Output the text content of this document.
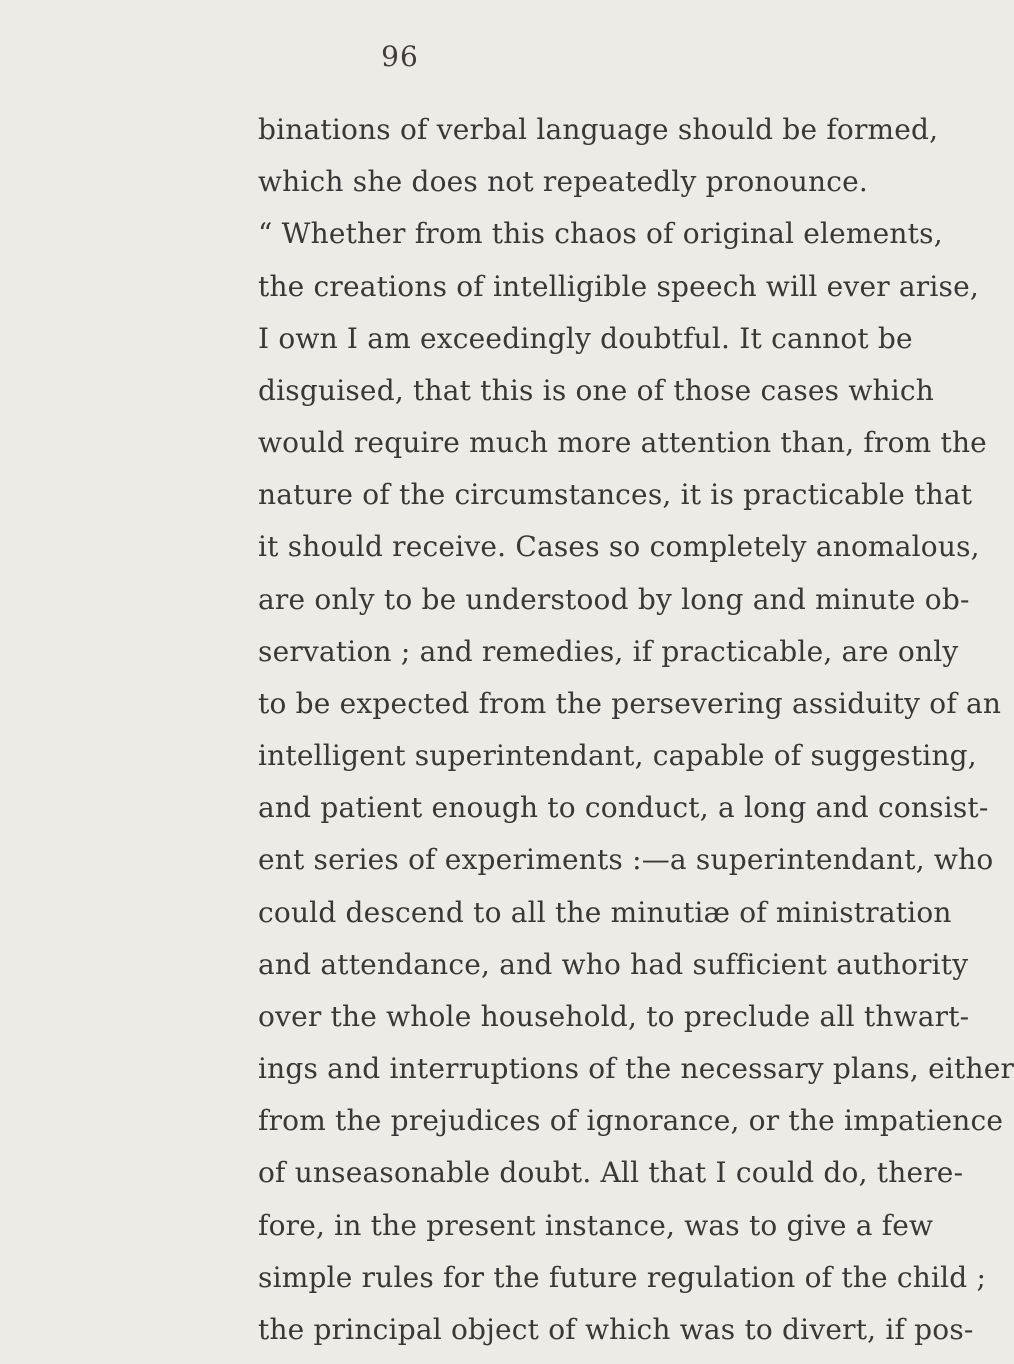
96
binations of verbal language should be formed,
which she does not repeatedly pronounce.
“ Whether from this chaos of original elements,
the creations of intelligible speech will ever arise,
I own I am exceedingly doubtful. It cannot be
disguised, that this is one of those cases which
would require much more attention than, from the
nature of the circumstances, it is practicable that
it should receive. Cases so completely anomalous,
are only to be understood by long and minute ob-
servation ; and remedies, if practicable, are only
to be expected from the persevering assiduity of an
intelligent superintendant, capable of suggesting,
and patient enough to conduct, a long and consist-
ent series of experiments :—a superintendant, who
could descend to all the minutiæ of ministration
and attendance, and who had sufficient authority
over the whole household, to preclude all thwart-
ings and interruptions of the necessary plans, either
from the prejudices of ignorance, or the impatience
of unseasonable doubt. All that I could do, there-
fore, in the present instance, was to give a few
simple rules for the future regulation of the child ;
the principal object of which was to divert, if pos-
